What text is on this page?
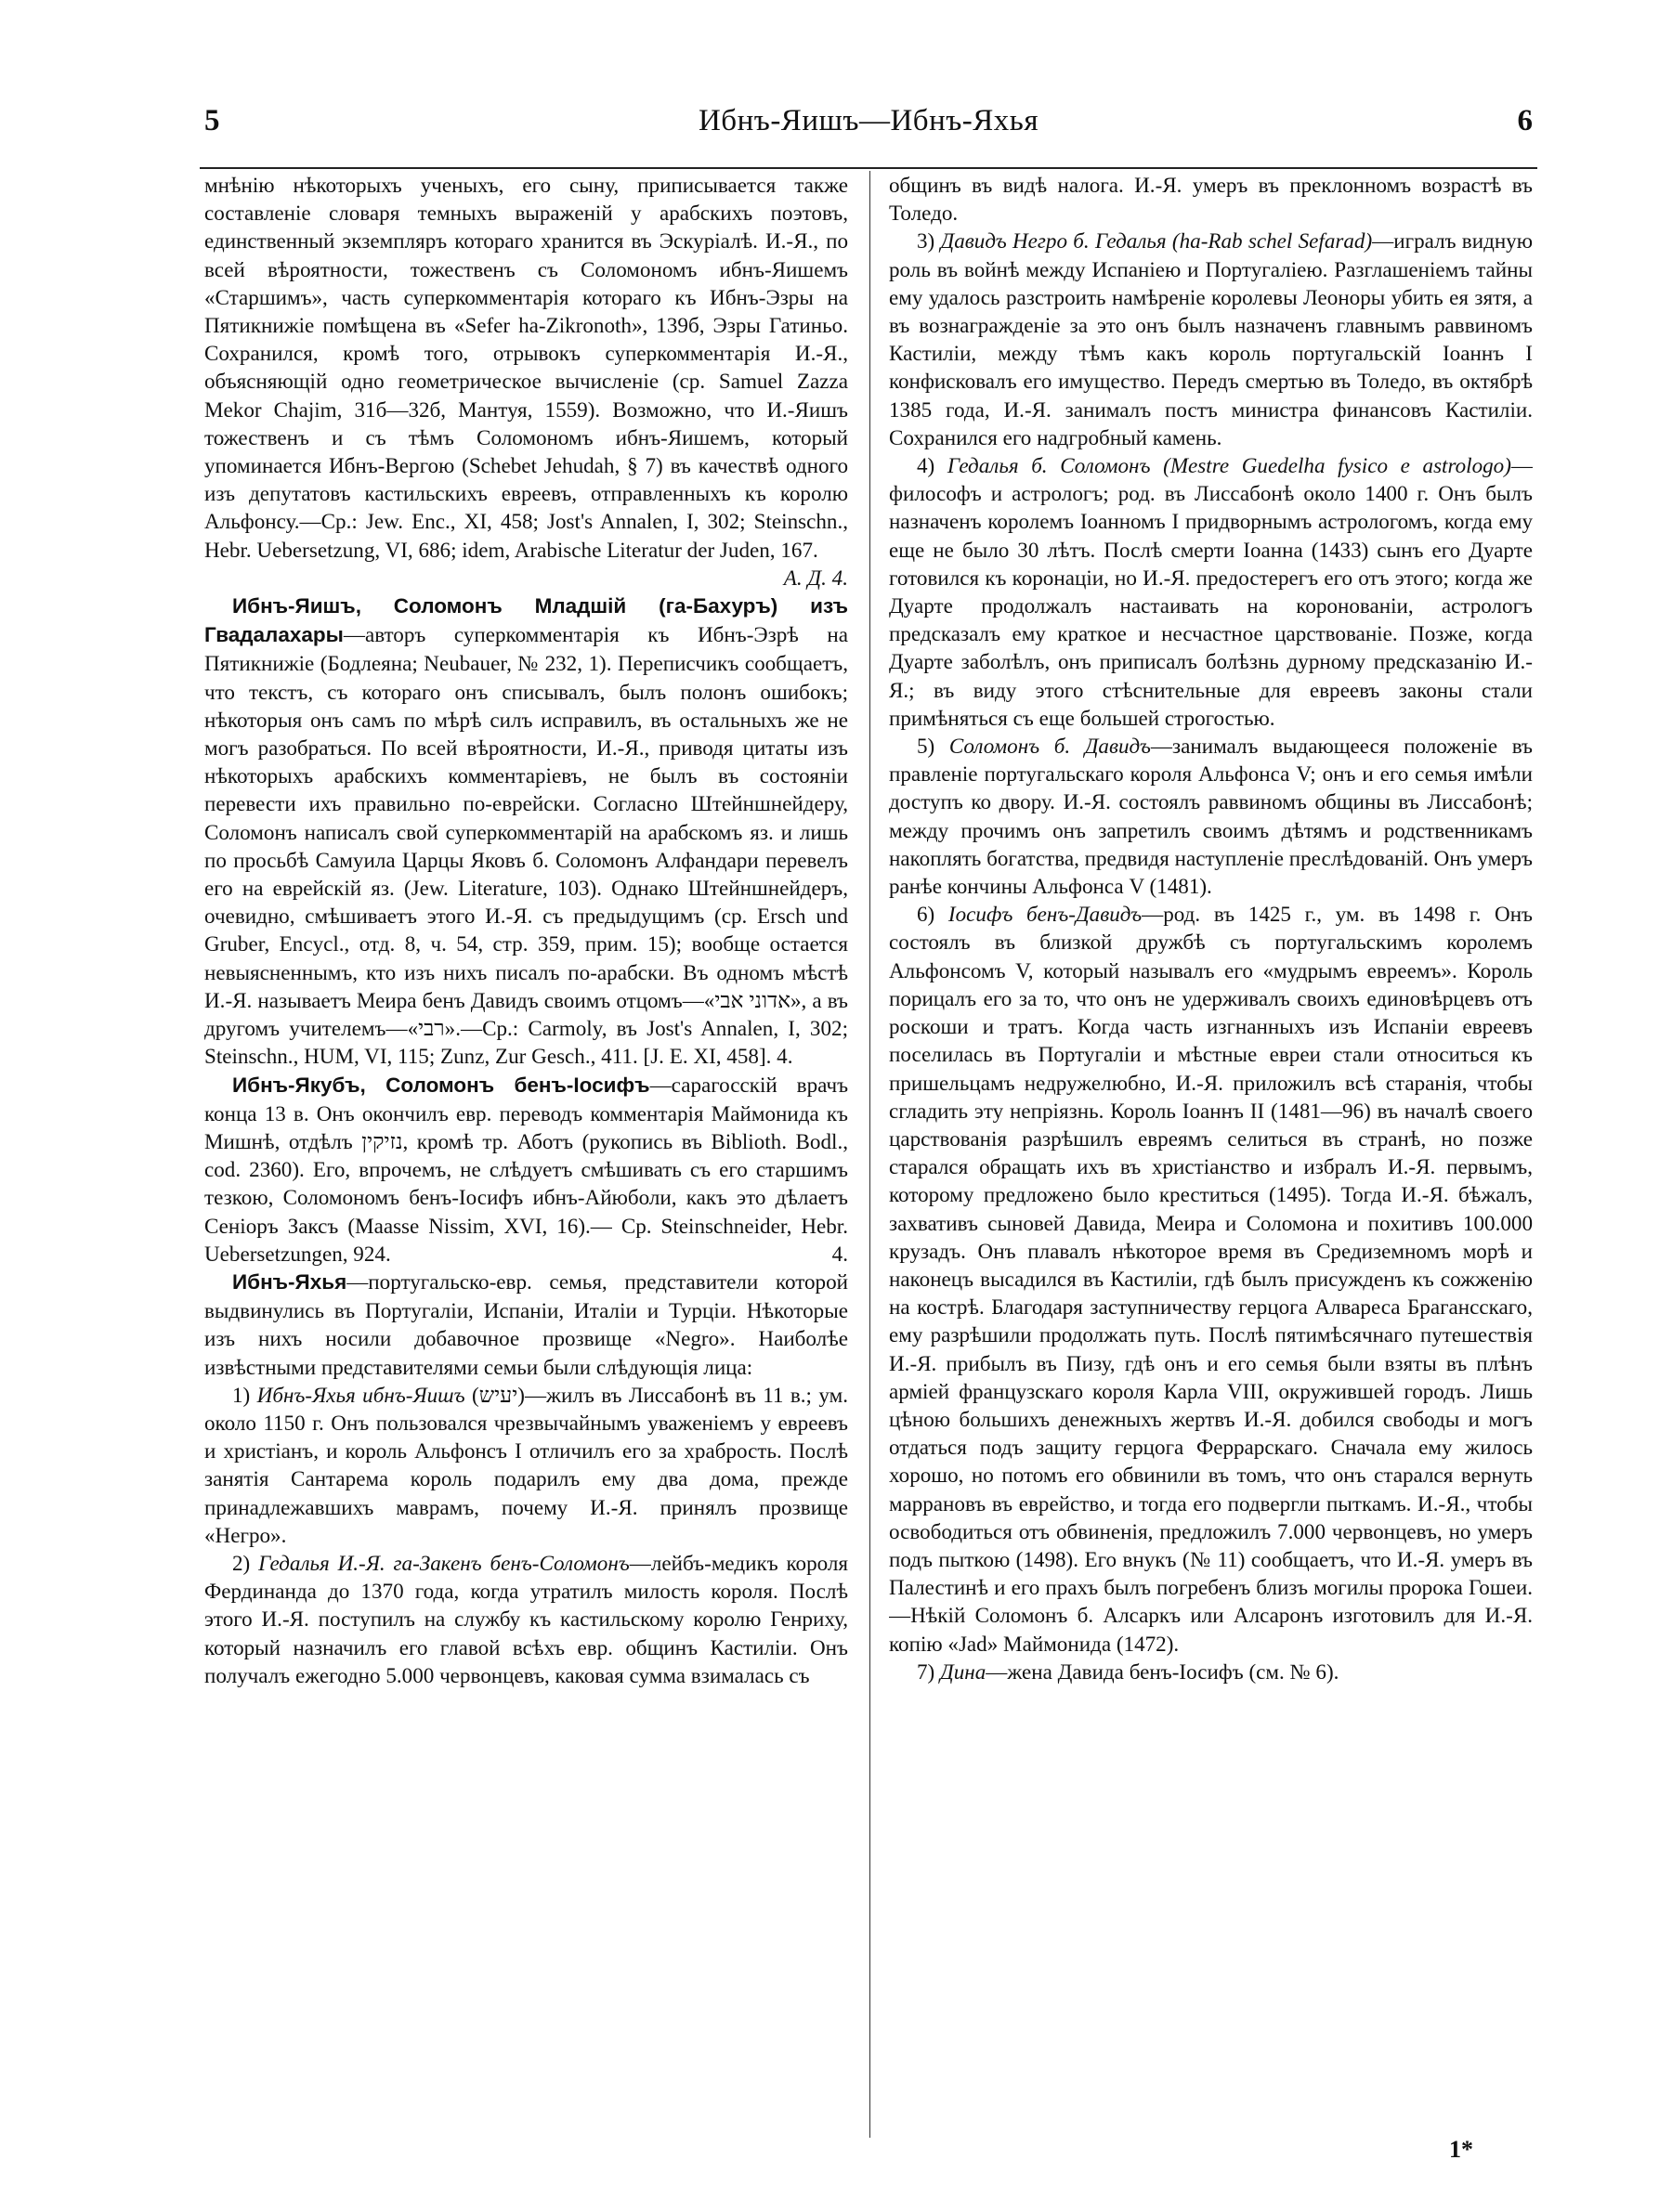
5	Ибнъ-Яишъ—Ибнъ-Яхья	6

мнѣнію нѣкоторыхъ ученыхъ, его сыну, приписывается также составленіе словаря темныхъ выраженій у арабскихъ поэтовъ, единственный экземпляръ котораго хранится въ Эскуріалѣ. И.-Я., по всей вѣроятности, тожественъ съ Соломономъ ибнъ-Яишемъ «Старшимъ», часть суперкомментарія котораго къ Ибнъ-Эзры на Пятикнижіе помѣщена въ «Sefer ha-Zikronoth», 139б, Эзры Гатиньо. Сохранился, кромѣ того, отрывокъ суперкомментарія И.-Я., объясняющій одно геометрическое вычисленіе (ср. Samuel Zazza Mekor Chajim, 31б—32б, Мантуя, 1559). Возможно, что И.-Яишъ тожественъ и съ тѣмъ Соломономъ ибнъ-Яишемъ, который упоминается Ибнъ-Вергою (Schebet Jehudah, § 7) въ качествѣ одного изъ депутатовъ кастильскихъ евреевъ, отправленныхъ къ королю Альфонсу.—Ср.: Jew. Enc., XI, 458; Jost's Annalen, I, 302; Steinschn., Hebr. Uebersetzung, VI, 686; idem, Arabische Literatur der Juden, 167.
А. Д. 4.

Ибнъ-Яишъ, Соломонъ Младшій (га-Бахуръ) изъ Гвадалахары—авторъ суперкомментарія къ Ибнъ-Эзрѣ на Пятикнижіе (Бодлеяна; Neubauer, № 232, 1). Переписчикъ сообщаетъ, что текстъ, съ котораго онъ списывалъ, былъ полонъ ошибокъ; нѣкоторыя онъ самъ по мѣрѣ силъ исправилъ, въ остальныхъ же не могъ разобраться. По всей вѣроятности, И.-Я., приводя цитаты изъ нѣкоторыхъ арабскихъ комментаріевъ, не былъ въ состояніи перевести ихъ правильно по-еврейски. Согласно Штейншнейдеру, Соломонъ написалъ свой суперкомментарій на арабскомъ яз. и лишь по просьбѣ Самуила Царцы Яковъ б. Соломонъ Алфандари перевелъ его на еврейскій яз. (Jew. Literature, 103). Однако Штейншнейдеръ, очевидно, смѣшиваетъ этого И.-Я. съ предыдущимъ (ср. Ersch und Gruber, Encycl., отд. 8, ч. 54, стр. 359, прим. 15); вообще остается невыясненнымъ, кто изъ нихъ писалъ по-арабски. Въ одномъ мѣстѣ И.-Я. называетъ Меира бенъ Давидъ своимъ отцомъ—«אדוני אבי», а въ другомъ учителемъ—«רבי».—Ср.: Carmoly, въ Jost's Annalen, I, 302; Steinschn., HUM, VI, 115; Zunz, Zur Gesch., 411. [J. E. XI, 458]. 4.

Ибнъ-Якубъ, Соломонъ бенъ-Іосифъ—сарагосскій врачъ конца 13 в. Онъ окончилъ евр. переводъ комментарія Маймонида къ Мишнѣ, отдѣлъ נזיקין, кромѣ тр. Аботъ (рукопись въ Biblioth. Bodl., cod. 2360). Его, впрочемъ, не слѣдуетъ смѣшивать съ его старшимъ тезкою, Соломономъ бенъ-Іосифъ ибнъ-Айюболи, какъ это дѣлаетъ Сеніоръ Заксъ (Maasse Nissim, XVI, 16).— Ср. Steinschneider, Hebr. Uebersetzungen, 924.	4.

Ибнъ-Яхья—португальско-евр. семья, представители которой выдвинулись въ Португаліи, Испаніи, Италіи и Турціи. Нѣкоторые изъ нихъ носили добавочное прозвище «Negro». Наиболѣе извѣстными представителями семьи были слѣдующія лица:

1) Ибнъ-Яхья ибнъ-Яишъ (יעיש)—жилъ въ Лиссабонѣ въ 11 в.; ум. около 1150 г. Онъ пользовался чрезвычайнымъ уваженіемъ у евреевъ и христіанъ, и король Альфонсъ I отличилъ его за храбрость. Послѣ занятія Сантарема король подарилъ ему два дома, прежде принадлежавшихъ маврамъ, почему И.-Я. принялъ прозвище «Негро».

2) Гедалья И.-Я. га-Закенъ бенъ-Соломонъ—лейбъ-медикъ короля Фердинанда до 1370 года, когда утратилъ милость короля. Послѣ этого И.-Я. поступилъ на службу къ кастильскому королю Генриху, который назначилъ его главой всѣхъ евр. общинъ Кастиліи. Онъ получалъ ежегодно 5.000 червонцевъ, каковая сумма взималась съ

общинъ въ видѣ налога. И.-Я. умеръ въ преклонномъ возрастѣ въ Толедо.

3) Давидъ Негро б. Гедалья (ha-Rab schel Sefarad)—игралъ видную роль въ войнѣ между Испаніею и Португаліею. Разглашеніемъ тайны ему удалось разстроить намѣреніе королевы Леоноры убить ея зятя, а въ вознагражденіе за это онъ былъ назначенъ главнымъ раввиномъ Кастиліи, между тѣмъ какъ король португальскій Іоаннъ I конфисковалъ его имущество. Передъ смертью въ Толедо, въ октябрѣ 1385 года, И.-Я. занималъ постъ министра финансовъ Кастиліи. Сохранился его надгробный камень.

4) Гедалья б. Соломонъ (Mestre Guedelha fysico e astrologo)—философъ и астрологъ; род. въ Лиссабонѣ около 1400 г. Онъ былъ назначенъ королемъ Іоанномъ I придворнымъ астрологомъ, когда ему еще не было 30 лѣтъ. Послѣ смерти Іоанна (1433) сынъ его Дуарте готовился къ коронаціи, но И.-Я. предостерегъ его отъ этого; когда же Дуарте продолжалъ настаивать на коронованіи, астрологъ предсказалъ ему краткое и несчастное царствованіе. Позже, когда Дуарте заболѣлъ, онъ приписалъ болѣзнь дурному предсказанію И.-Я.; въ виду этого стѣснительные для евреевъ законы стали примѣняться съ еще большей строгостью.

5) Соломонъ б. Давидъ—занималъ выдающееся положеніе въ правленіе португальскаго короля Альфонса V; онъ и его семья имѣли доступъ ко двору. И.-Я. состоялъ раввиномъ общины въ Лиссабонѣ; между прочимъ онъ запретилъ своимъ дѣтямъ и родственникамъ накоплять богатства, предвидя наступленіе преслѣдованій. Онъ умеръ ранѣе кончины Альфонса V (1481).

6) Іосифъ бенъ-Давидъ—род. въ 1425 г., ум. въ 1498 г. Онъ состоялъ въ близкой дружбѣ съ португальскимъ королемъ Альфонсомъ V, который называлъ его «мудрымъ евреемъ». Король порицалъ его за то, что онъ не удерживалъ своихъ единовѣрцевъ отъ роскоши и тратъ. Когда часть изгнанныхъ изъ Испаніи евреевъ поселилась въ Португаліи и мѣстные евреи стали относиться къ пришельцамъ недружелюбно, И.-Я. приложилъ всѣ старанія, чтобы сгладить эту непріязнь. Король Іоаннъ II (1481—96) въ началѣ своего царствованія разрѣшилъ евреямъ селиться въ странѣ, но позже старался обращать ихъ въ христіанство и избралъ И.-Я. первымъ, которому предложено было креститься (1495). Тогда И.-Я. бѣжалъ, захвативъ сыновей Давида, Меира и Соломона и похитивъ 100.000 крузадъ. Онъ плавалъ нѣкоторое время въ Средиземномъ морѣ и наконецъ высадился въ Кастиліи, гдѣ былъ присужденъ къ сожженію на кострѣ. Благодаря заступничеству герцога Алвареса Брагансскаго, ему разрѣшили продолжать путь. Послѣ пятимѣсячнаго путешествія И.-Я. прибылъ въ Пизу, гдѣ онъ и его семья были взяты въ плѣнъ арміей французскаго короля Карла VIII, окружившей городъ. Лишь цѣною большихъ денежныхъ жертвъ И.-Я. добился свободы и могъ отдаться подъ защиту герцога Феррарскаго. Сначала ему жилось хорошо, но потомъ его обвинили въ томъ, что онъ старался вернуть маррановъ въ еврейство, и тогда его подвергли пыткамъ. И.-Я., чтобы освободиться отъ обвиненія, предложилъ 7.000 червонцевъ, но умеръ подъ пыткою (1498). Его внукъ (№ 11) сообщаетъ, что И.-Я. умеръ въ Палестинѣ и его прахъ былъ погребенъ близъ могилы пророка Гошеи.—Нѣкій Соломонъ б. Алсаркъ или Алсаронъ изготовилъ для И.-Я. копію «Jad» Маймонида (1472).

7) Дина—жена Давида бенъ-Іосифъ (см. № 6).

1*
